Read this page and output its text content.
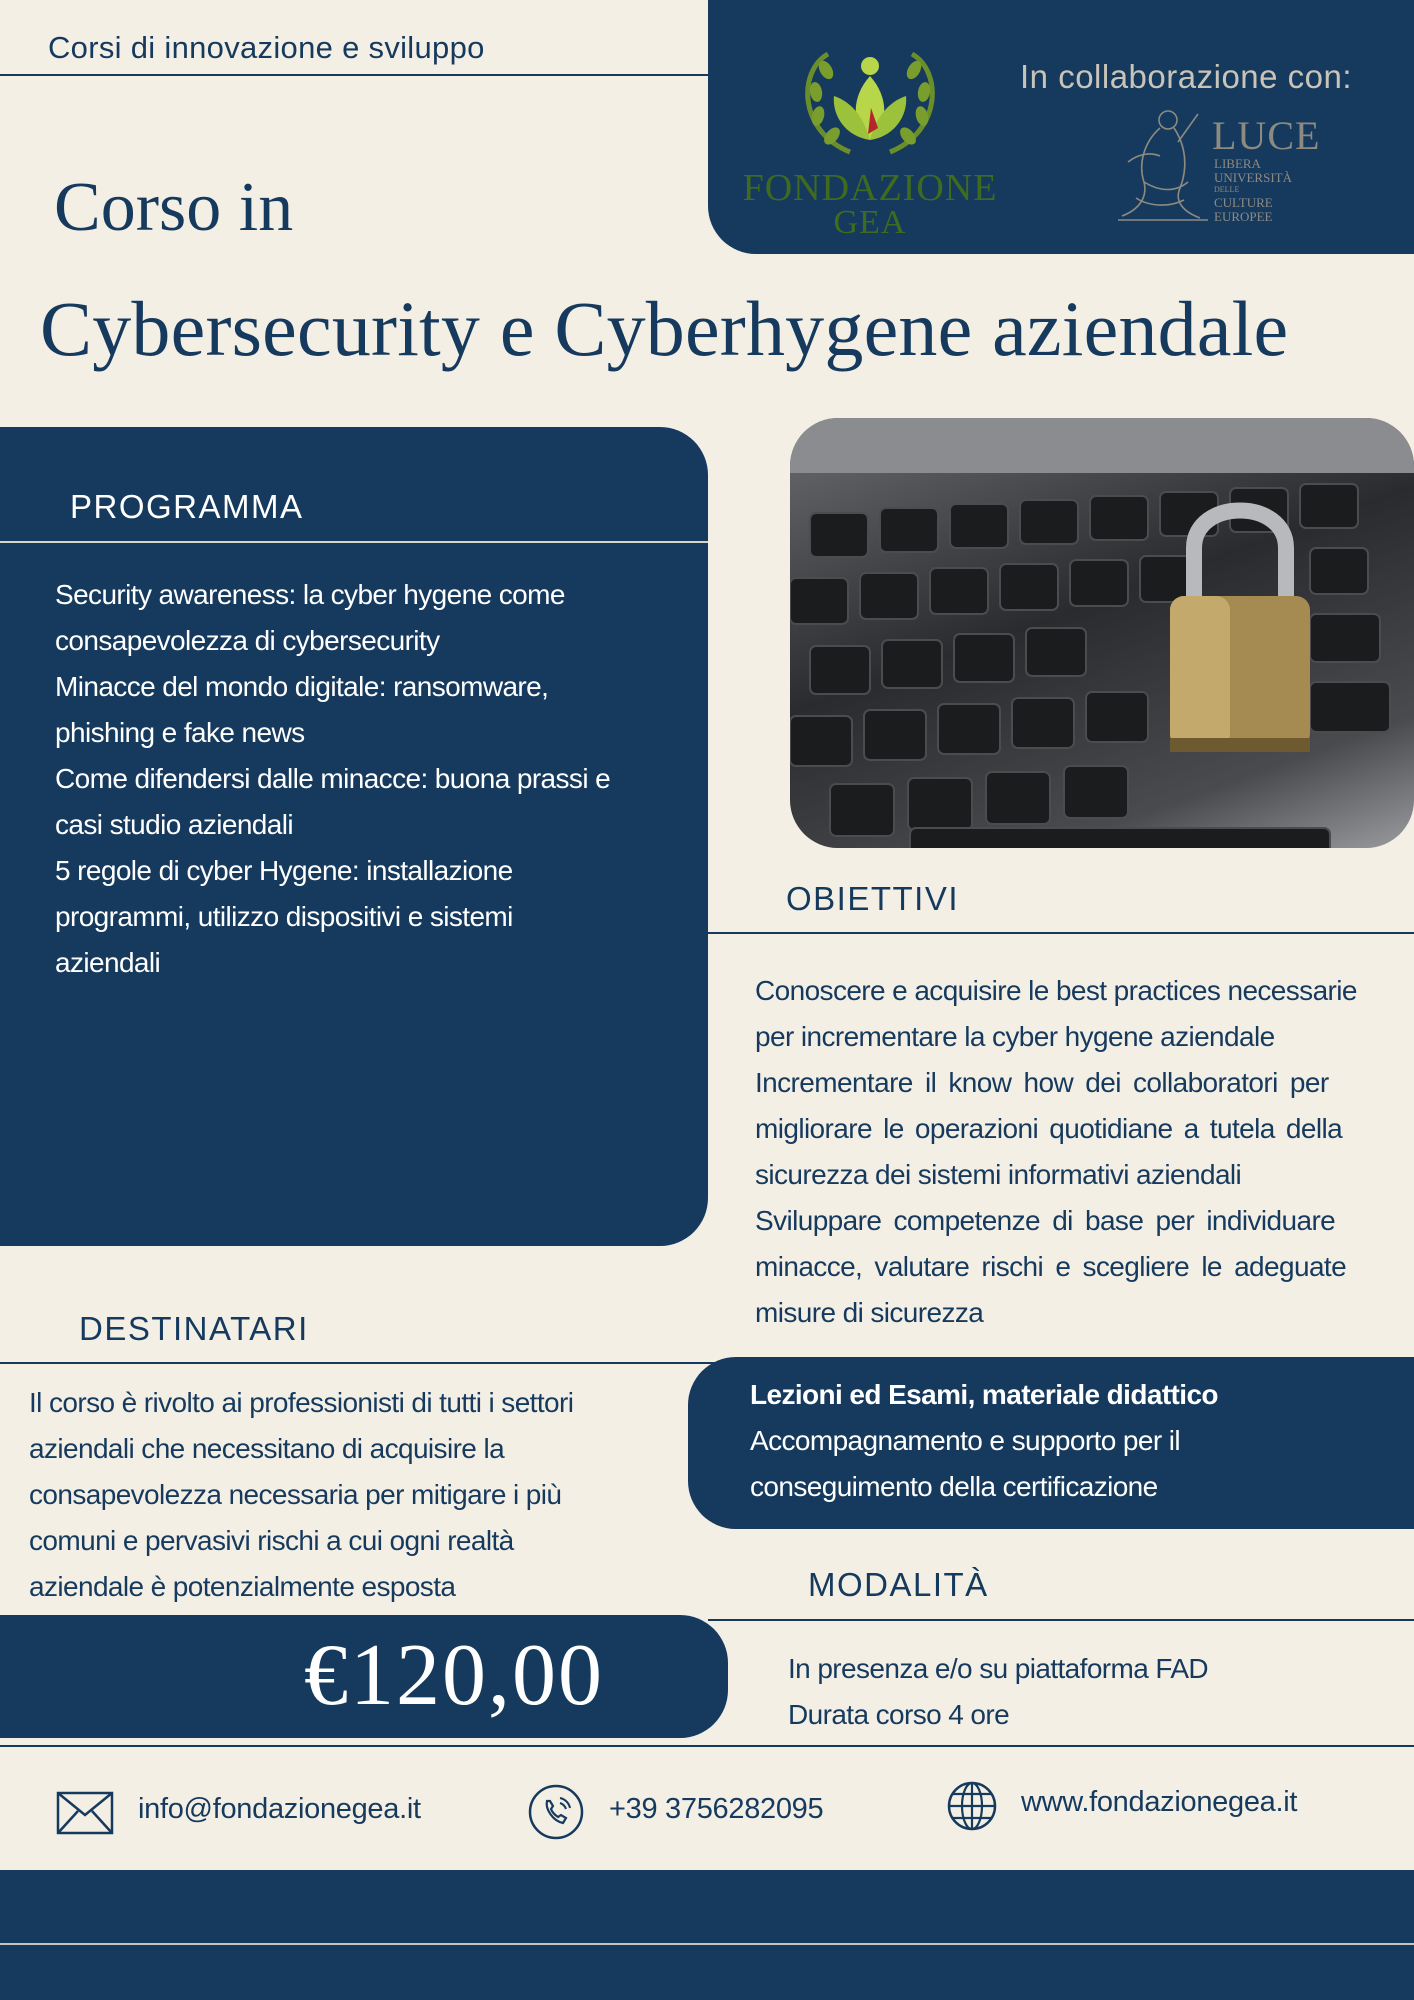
Corsi di innovazione e sviluppo
FONDAZIONE
GEA
In collaborazione con:
LUCE
LIBERA
UNIVERSITÀ
DELLE
CULTURE
EUROPEE
Corso in
Cybersecurity e Cyberhygene aziendale
PROGRAMMA
Security awareness: la cyber hygene come
consapevolezza di cybersecurity
Minacce del mondo digitale: ransomware,
phishing e fake news
Come difendersi dalle minacce: buona prassi e
casi studio aziendali
5 regole di cyber Hygene: installazione
programmi, utilizzo dispositivi e sistemi
aziendali
OBIETTIVI
Conoscere e acquisire le best practices necessarie
per incrementare la cyber hygene aziendale
Incrementare il know how dei collaboratori per
migliorare le operazioni quotidiane a tutela della
sicurezza dei sistemi informativi aziendali
Sviluppare competenze di base per individuare
minacce, valutare rischi e scegliere le adeguate
misure di sicurezza
DESTINATARI
Il corso è rivolto ai professionisti di tutti i settori
aziendali che necessitano di acquisire la
consapevolezza necessaria per mitigare i più
comuni e pervasivi rischi a cui ogni realtà
aziendale è potenzialmente esposta
Lezioni ed Esami, materiale didattico
Accompagnamento e supporto per il
conseguimento della certificazione
MODALITÀ
In presenza e/o su piattaforma FAD
Durata corso 4 ore
€120,00
info@fondazionegea.it	+39 3756282095	www.fondazionegea.it
